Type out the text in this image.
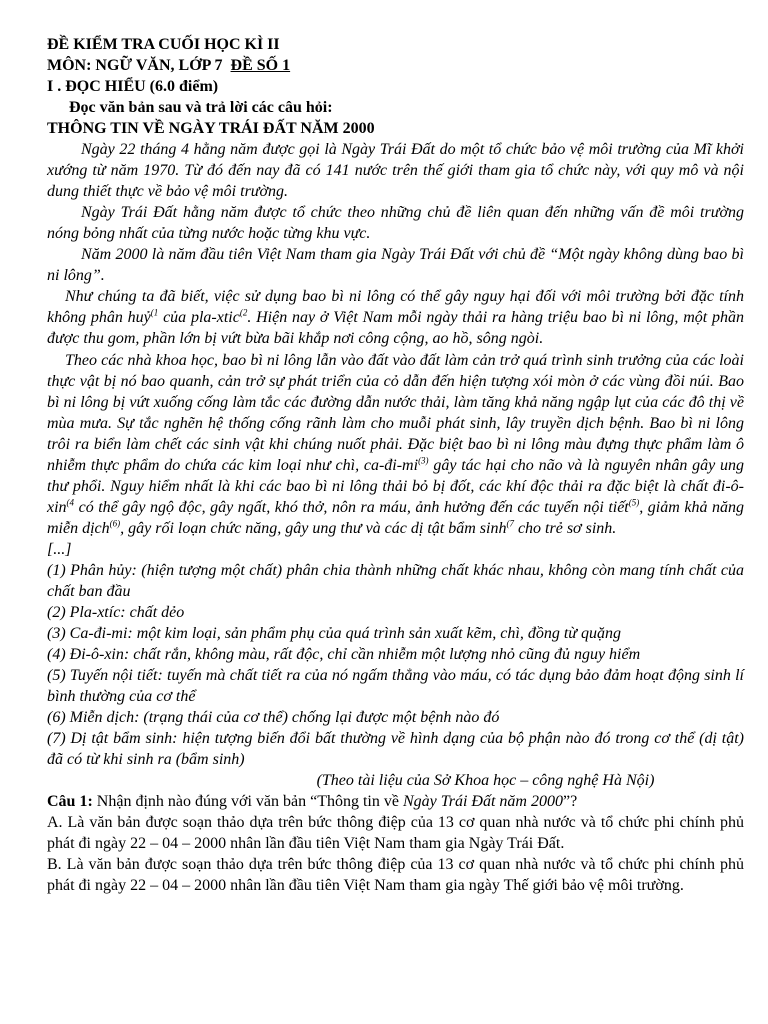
ĐỀ KIỂM TRA CUỐI HỌC KÌ II
MÔN: NGỮ VĂN, LỚP 7 ĐỀ SỐ 1
I . ĐỌC HIỂU (6.0 điểm)
Đọc văn bản sau và trả lời các câu hỏi:
THÔNG TIN VỀ NGÀY TRÁI ĐẤT NĂM 2000

Ngày 22 tháng 4 hằng năm được gọi là Ngày Trái Đất do một tổ chức bảo vệ môi trường của Mĩ khởi xướng từ năm 1970. Từ đó đến nay đã có 141 nước trên thế giới tham gia tổ chức này, với quy mô và nội dung thiết thực về bảo vệ môi trường.

Ngày Trái Đất hằng năm được tổ chức theo những chủ đề liên quan đến những vấn đề môi trường nóng bỏng nhất của từng nước hoặc từng khu vực.

Năm 2000 là năm đầu tiên Việt Nam tham gia Ngày Trái Đất với chủ đề “Một ngày không dùng bao bì ni lông”.

Như chúng ta đã biết, việc sử dụng bao bì ni lông có thể gây nguy hại đối với môi trường bởi đặc tính không phân huỷ$^{(1}$ của pla-xtic$^{(2}$. Hiện nay ở Việt Nam mỗi ngày thải ra hàng triệu bao bì ni lông, một phần được thu gom, phần lớn bị vứt bừa bãi khắp nơi công cộng, ao hồ, sông ngòi.

Theo các nhà khoa học, bao bì ni lông lẫn vào đất vào đất làm cản trở quá trình sinh trưởng của các loài thực vật bị nó bao quanh, cản trở sự phát triển của cỏ dẫn đến hiện tượng xói mòn ở các vùng đồi núi. Bao bì ni lông bị vứt xuống cống làm tắc các đường dẫn nước thải, làm tăng khả năng ngập lụt của các đô thị về mùa mưa. Sự tắc nghẽn hệ thống cống rãnh làm cho muỗi phát sinh, lây truyền dịch bệnh. Bao bì ni lông trôi ra biển làm chết các sinh vật khi chúng nuốt phải. Đặc biệt bao bì ni lông màu đựng thực phẩm làm ô nhiễm thực phẩm do chứa các kim loại như chì, $ca-đi-mi^{(3)}$ gây tác hại cho não và là nguyên nhân gây ung thư phổi. Nguy hiểm nhất là khi các bao bì ni lông thải bỏ bị đốt, các khí độc thải ra đặc biệt là chất đi-ô-xin$^{(4}$ có thể gây ngộ độc, gây ngất, khó thở, nôn ra máu, ảnh hưởng đến các tuyến nội tiết$^{(5)}$, giảm khả năng miễn dịch$^{(6)}$, gây rối loạn chức năng, gây ung thư và các dị tật bẩm $\sinh^{(7}$ cho trẻ sơ sinh.

[...]

(1) Phân hủy: (hiện tượng một chất) phân chia thành những chất khác nhau, không còn mang tính chất của chất ban đầu

(2) Pla-xtíc: chất dẻo

(3) Ca-đi-mi: một kim loại, sản phẩm phụ của quá trình sản xuất kẽm, chì, đồng từ quặng

(4) Đi-ô-xin: chất rắn, không màu, rất độc, chỉ cần nhiễm một lượng nhỏ cũng đủ nguy hiểm

(5) Tuyến nội tiết: tuyến mà chất tiết ra của nó ngấm thẳng vào máu, có tác dụng bảo đảm hoạt động sinh lí bình thường của cơ thể

(6) Miễn dịch: (trạng thái của cơ thể) chống lại được một bệnh nào đó

(7) Dị tật bẩm sinh: hiện tượng biến đổi bất thường về hình dạng của bộ phận nào đó trong cơ thể (dị tật) đã có từ khi sinh ra (bẩm sinh)

(Theo tài liệu của Sở Khoa học – công nghệ Hà Nội)

Câu 1: Nhận định nào đúng với văn bản “Thông tin về Ngày Trái Đất năm 2000”?

A. Là văn bản được soạn thảo dựa trên bức thông điệp của 13 cơ quan nhà nước và tổ chức phi chính phủ phát đi ngày 22 – 04 – 2000 nhân lần đầu tiên Việt Nam tham gia Ngày Trái Đất.

B. Là văn bản được soạn thảo dựa trên bức thông điệp của 13 cơ quan nhà nước và tổ chức phi chính phủ phát đi ngày 22 – 04 – 2000 nhân lần đầu tiên Việt Nam tham gia ngày Thế giới bảo vệ môi trường.
